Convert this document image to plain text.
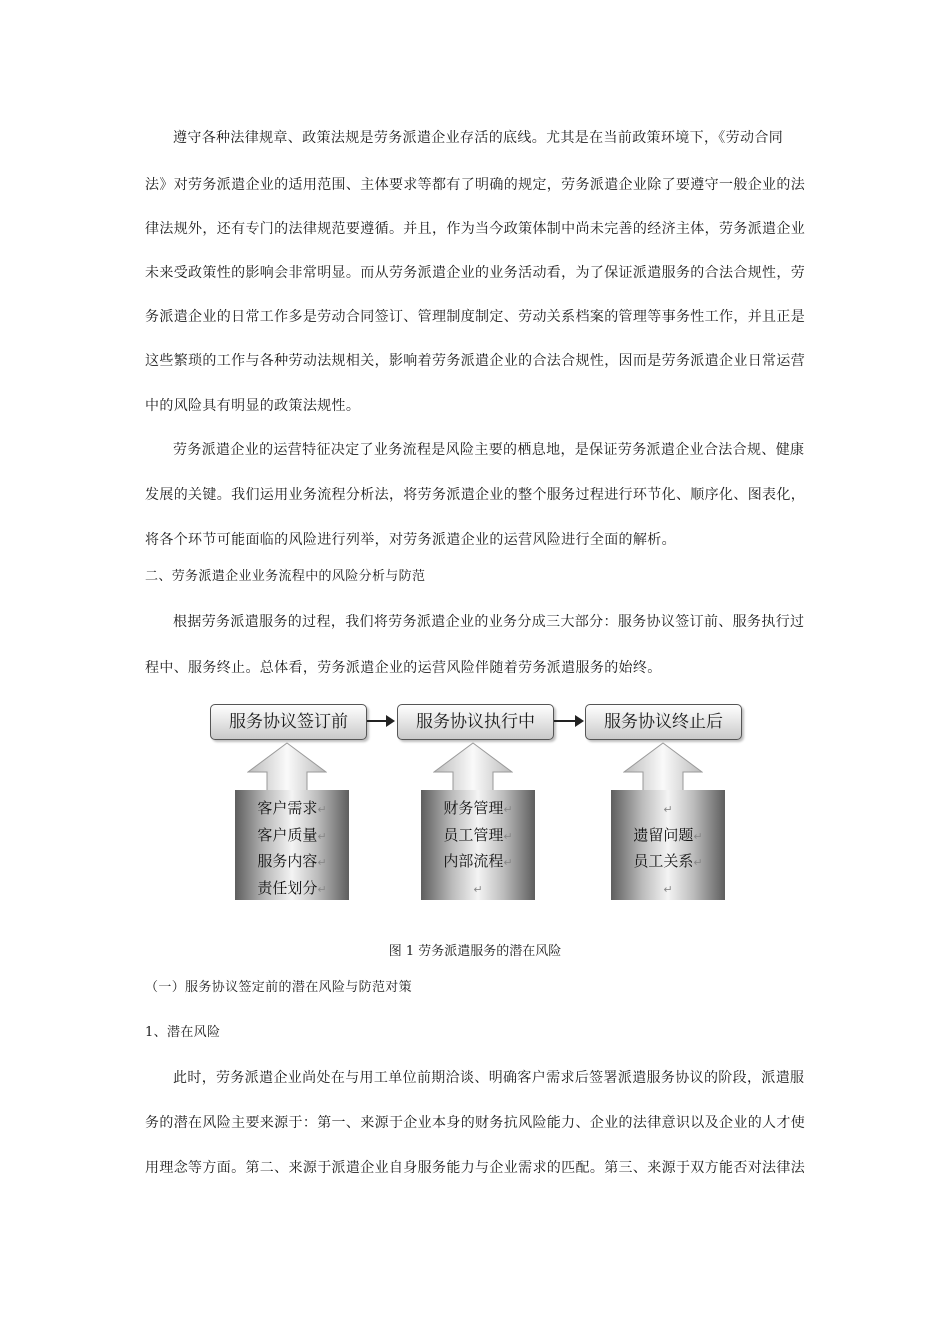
遵守各种法律规章、政策法规是劳务派遣企业存活的底线。尤其是在当前政策环境下，《劳动合同
法》对劳务派遣企业的适用范围、主体要求等都有了明确的规定，劳务派遣企业除了要遵守一般企业的法
律法规外，还有专门的法律规范要遵循。并且，作为当今政策体制中尚未完善的经济主体，劳务派遣企业
未来受政策性的影响会非常明显。而从劳务派遣企业的业务活动看，为了保证派遣服务的合法合规性，劳
务派遣企业的日常工作多是劳动合同签订、管理制度制定、劳动关系档案的管理等事务性工作，并且正是
这些繁琐的工作与各种劳动法规相关，影响着劳务派遣企业的合法合规性，因而是劳务派遣企业日常运营
中的风险具有明显的政策法规性。
劳务派遣企业的运营特征决定了业务流程是风险主要的栖息地，是保证劳务派遣企业合法合规、健康
发展的关键。我们运用业务流程分析法，将劳务派遣企业的整个服务过程进行环节化、顺序化、图表化，
将各个环节可能面临的风险进行列举，对劳务派遣企业的运营风险进行全面的解析。
二、劳务派遣企业业务流程中的风险分析与防范
根据劳务派遣服务的过程，我们将劳务派遣企业的业务分成三大部分：服务协议签订前、服务执行过
程中、服务终止。总体看，劳务派遣企业的运营风险伴随着劳务派遣服务的始终。
服务协议签订前	服务协议执行中	服务协议终止后
客户需求↵
客户质量↵
服务内容↵
责任划分↵
财务管理↵
员工管理↵
内部流程↵
↵
↵
遗留问题↵
员工关系↵
↵
图 1 劳务派遣服务的潜在风险
（一）服务协议签定前的潜在风险与防范对策
1、潜在风险
此时，劳务派遣企业尚处在与用工单位前期洽谈、明确客户需求后签署派遣服务协议的阶段，派遣服
务的潜在风险主要来源于：第一、来源于企业本身的财务抗风险能力、企业的法律意识以及企业的人才使
用理念等方面。第二、来源于派遣企业自身服务能力与企业需求的匹配。第三、来源于双方能否对法律法
